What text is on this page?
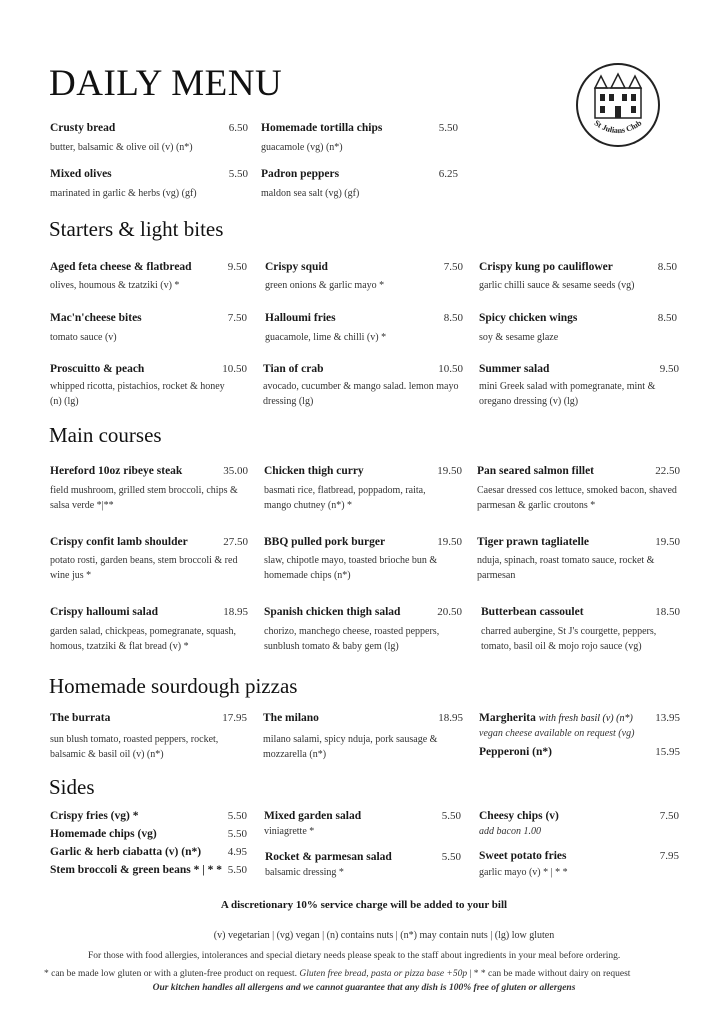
DAILY MENU
St Julians Club
Crusty bread	6.50
butter, balsamic & olive oil (v) (n*)
Homemade tortilla chips	5.50
guacamole (vg) (n*)
Mixed olives	5.50
marinated in garlic & herbs (vg) (gf)
Padron peppers	6.25
maldon sea salt (vg) (gf)
Starters & light bites
Aged feta cheese & flatbread	9.50
olives, houmous & tzatziki (v) *
Crispy squid	7.50
green onions & garlic mayo *
Crispy kung po cauliflower	8.50
garlic chilli sauce & sesame seeds (vg)
Mac'n'cheese bites	7.50
tomato sauce (v)
Halloumi fries	8.50
guacamole, lime & chilli (v) *
Spicy chicken wings	8.50
soy & sesame glaze
Proscuitto & peach	10.50
whipped ricotta, pistachios, rocket & honey (n) (lg)
Tian of crab	10.50
avocado, cucumber & mango salad. lemon mayo dressing (lg)
Summer salad	9.50
mini Greek salad with pomegranate, mint & oregano dressing (v) (lg)
Main courses
Hereford 10oz ribeye steak	35.00
field mushroom, grilled stem broccoli, chips & salsa verde *|**
Chicken thigh curry	19.50
basmati rice, flatbread, poppadom, raita, mango chutney (n*) *
Pan seared salmon fillet	22.50
Caesar dressed cos lettuce, smoked bacon, shaved parmesan & garlic croutons *
Crispy confit lamb shoulder	27.50
potato rosti, garden beans, stem broccoli & red wine jus *
BBQ pulled pork burger	19.50
slaw, chipotle mayo, toasted brioche bun & homemade chips (n*)
Tiger prawn tagliatelle	19.50
nduja, spinach, roast tomato sauce, rocket & parmesan
Crispy halloumi salad	18.95
garden salad, chickpeas, pomegranate, squash, homous, tzatziki & flat bread (v) *
Spanish chicken thigh salad	20.50
chorizo, manchego cheese, roasted peppers, sunblush tomato & baby gem (lg)
Butterbean cassoulet	18.50
charred aubergine, St J's courgette, peppers, tomato, basil oil & mojo rojo sauce (vg)
Homemade sourdough pizzas
The burrata	17.95
sun blush tomato, roasted peppers, rocket, balsamic & basil oil (v) (n*)
The milano	18.95
milano salami, spicy nduja, pork sausage & mozzarella (n*)
Margherita with fresh basil (v) (n*) 13.95
vegan cheese available on request (vg)
Pepperoni (n*)	15.95
Sides
Crispy fries (vg) *	5.50
Homemade chips (vg)	5.50
Garlic & herb ciabatta (v) (n*) 4.95
Stem broccoli & green beans * | * * 5.50
Mixed garden salad	5.50
viniagrette *
Rocket & parmesan salad	5.50
balsamic dressing *
Cheesy chips (v)	7.50
add bacon 1.00
Sweet potato fries	7.95
garlic mayo (v) * | * *
A discretionary 10% service charge will be added to your bill
(v) vegetarian | (vg) vegan | (n) contains nuts | (n*) may contain nuts | (lg) low gluten
For those with food allergies, intolerances and special dietary needs please speak to the staff about ingredients in your meal before ordering.
* can be made low gluten or with a gluten-free product on request. Gluten free bread, pasta or pizza base +50p | * * can be made without dairy on request
Our kitchen handles all allergens and we cannot guarantee that any dish is 100% free of gluten or allergens
